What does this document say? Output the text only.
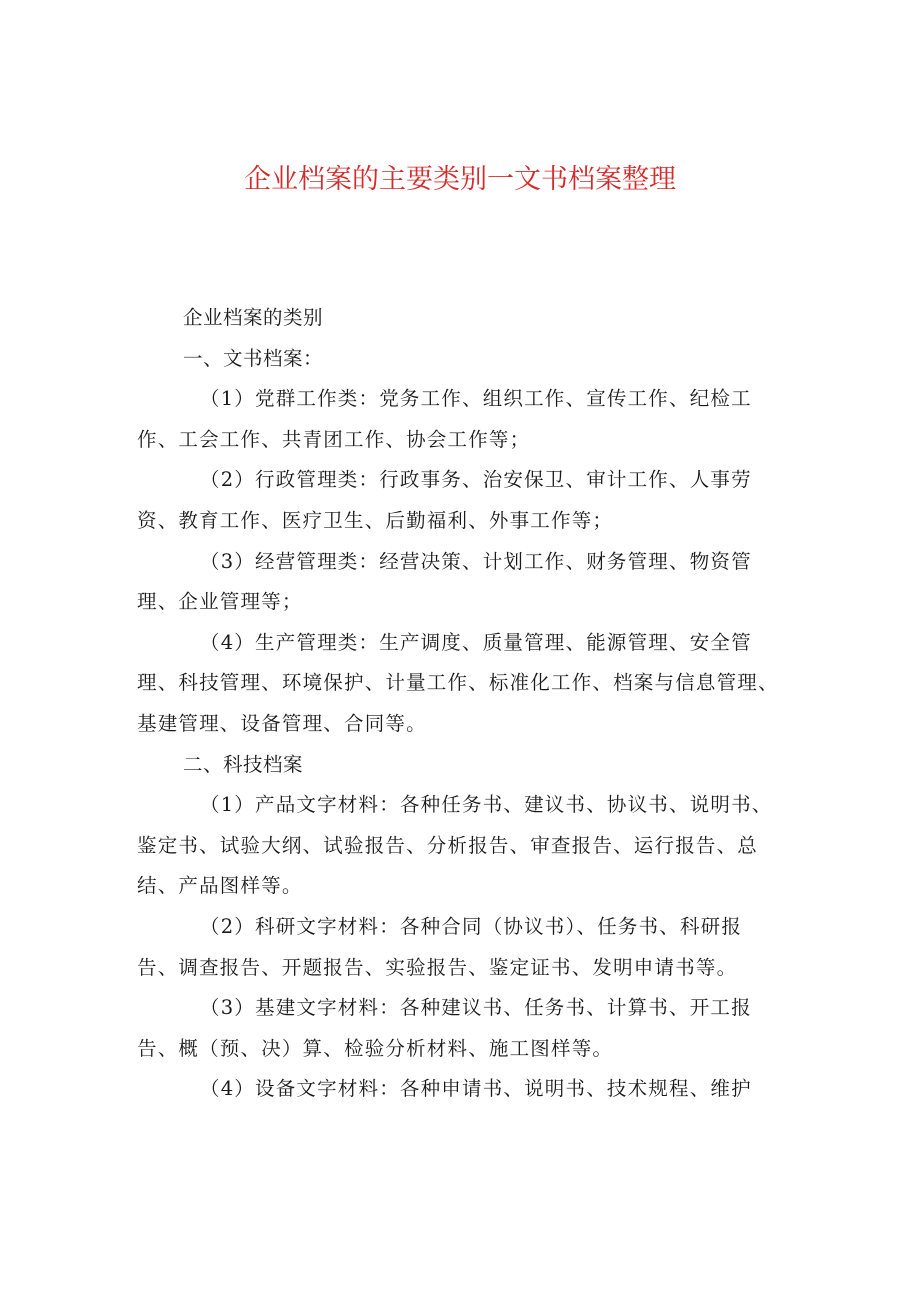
企业档案的主要类别一文书档案整理
企业档案的类别
一、文书档案：
（1）党群工作类：党务工作、组织工作、宣传工作、纪检工
作、工会工作、共青团工作、协会工作等；
（2）行政管理类：行政事务、治安保卫、审计工作、人事劳
资、教育工作、医疗卫生、后勤福利、外事工作等；
（3）经营管理类：经营决策、计划工作、财务管理、物资管
理、企业管理等；
（4）生产管理类：生产调度、质量管理、能源管理、安全管
理、科技管理、环境保护、计量工作、标准化工作、档案与信息管理、
基建管理、设备管理、合同等。
二、科技档案
（1）产品文字材料：各种任务书、建议书、协议书、说明书、
鉴定书、试验大纲、试验报告、分析报告、审查报告、运行报告、总
结、产品图样等。
（2）科研文字材料：各种合同（协议书）、任务书、科研报
告、调查报告、开题报告、实验报告、鉴定证书、发明申请书等。
（3）基建文字材料：各种建议书、任务书、计算书、开工报
告、概（预、决）算、检验分析材料、施工图样等。
（4）设备文字材料：各种申请书、说明书、技术规程、维护
